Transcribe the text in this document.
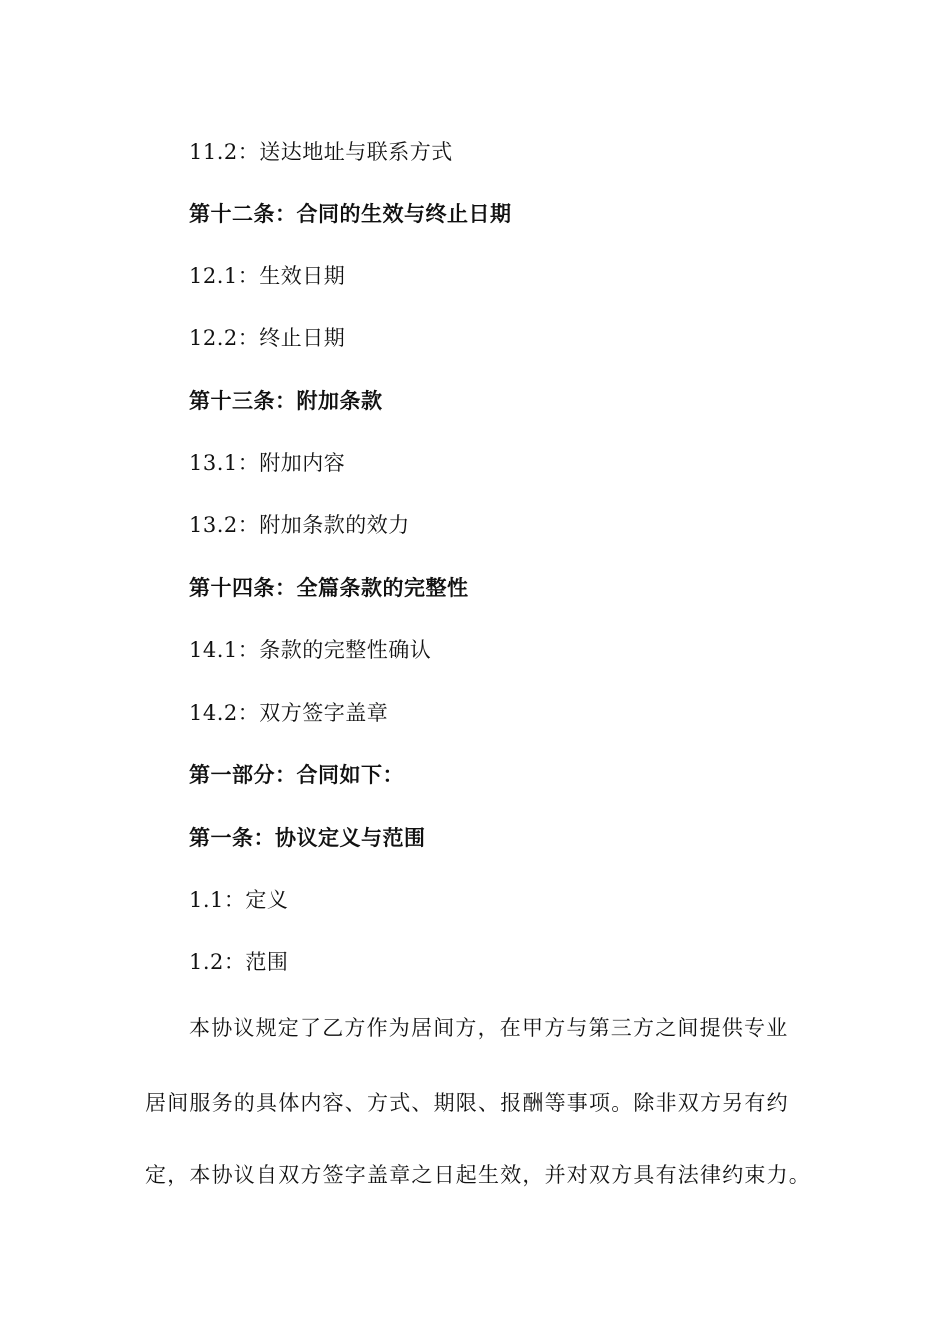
11.2：送达地址与联系方式
第十二条：合同的生效与终止日期
12.1：生效日期
12.2：终止日期
第十三条：附加条款
13.1：附加内容
13.2：附加条款的效力
第十四条：全篇条款的完整性
14.1：条款的完整性确认
14.2：双方签字盖章
第一部分：合同如下：
第一条：协议定义与范围
1.1：定义
1.2：范围
本协议规定了乙方作为居间方，在甲方与第三方之间提供专业
居间服务的具体内容、方式、期限、报酬等事项。除非双方另有约
定，本协议自双方签字盖章之日起生效，并对双方具有法律约束力。
